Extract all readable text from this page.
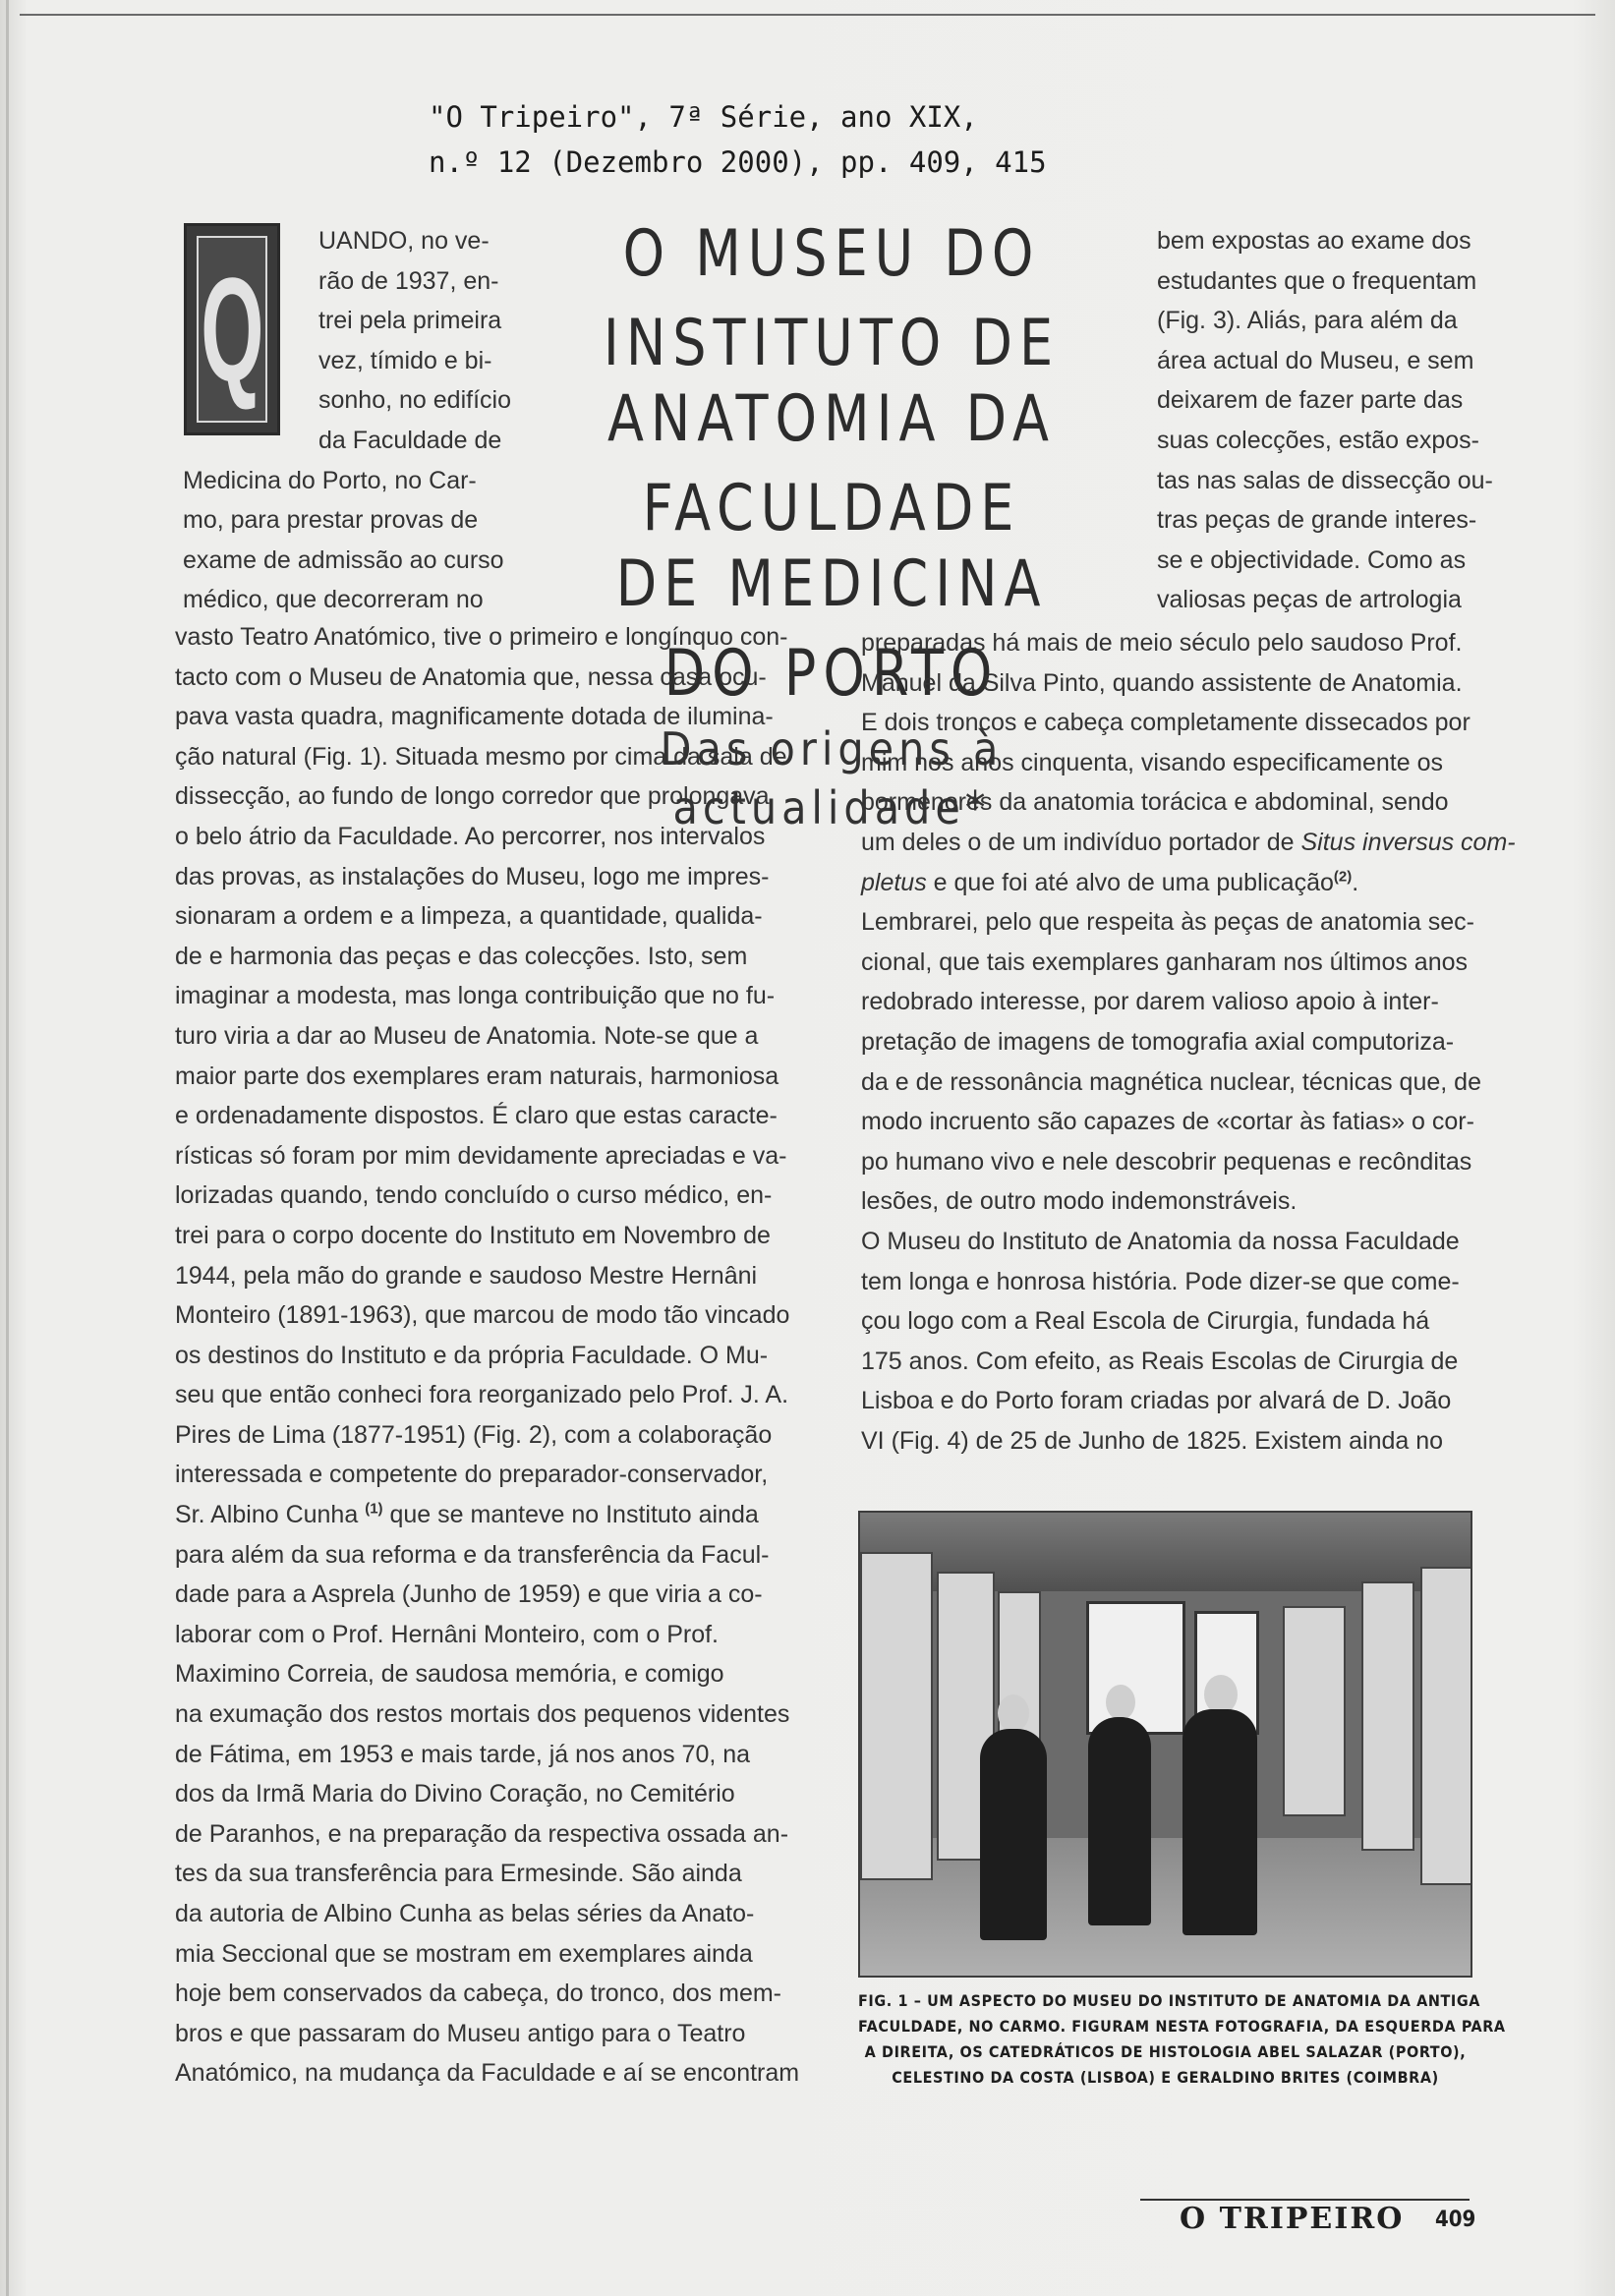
"O Tripeiro", 7ª Série, ano XIX,
n.º 12 (Dezembro 2000), pp. 409, 415
Q
UANDO, no ve-
rão de 1937, en-
trei pela primeira
vez, tímido e bi-
sonho, no edifício
da Faculdade de
Medicina do Porto, no Car-
mo, para prestar provas de
exame de admissão ao curso
médico, que decorreram no
O MUSEU DO INSTITUTO DE
ANATOMIA DA FACULDADE
DE MEDICINA DO PORTO
Das origens à actualidade*
bem expostas ao exame dos
estudantes que o frequentam
(Fig. 3). Aliás, para além da
área actual do Museu, e sem
deixarem de fazer parte das
suas colecções, estão expos-
tas nas salas de dissecção ou-
tras peças de grande interes-
se e objectividade. Como as
valiosas peças de artrologia
vasto Teatro Anatómico, tive o primeiro e longínquo con-
tacto com o Museu de Anatomia que, nessa casa ocu-
pava vasta quadra, magnificamente dotada de ilumina-
ção natural (Fig. 1). Situada mesmo por cima da sala de
dissecção, ao fundo de longo corredor que prolongava
o belo átrio da Faculdade. Ao percorrer, nos intervalos
das provas, as instalações do Museu, logo me impres-
sionaram a ordem e a limpeza, a quantidade, qualida-
de e harmonia das peças e das colecções. Isto, sem
imaginar a modesta, mas longa contribuição que no fu-
turo viria a dar ao Museu de Anatomia. Note-se que a
maior parte dos exemplares eram naturais, harmoniosa
e ordenadamente dispostos. É claro que estas caracte-
rísticas só foram por mim devidamente apreciadas e va-
lorizadas quando, tendo concluído o curso médico, en-
trei para o corpo docente do Instituto em Novembro de
1944, pela mão do grande e saudoso Mestre Hernâni
Monteiro (1891-1963), que marcou de modo tão vincado
os destinos do Instituto e da própria Faculdade. O Mu-
seu que então conheci fora reorganizado pelo Prof. J. A.
Pires de Lima (1877-1951) (Fig. 2), com a colaboração
interessada e competente do preparador-conservador,
Sr. Albino Cunha $^{(1)}$ que se manteve no Instituto ainda
para além da sua reforma e da transferência da Facul-
dade para a Asprela (Junho de 1959) e que viria a co-
laborar com o Prof. Hernâni Monteiro, com o Prof.
Maximino Correia, de saudosa memória, e comigo
na exumação dos restos mortais dos pequenos videntes
de Fátima, em 1953 e mais tarde, já nos anos 70, na
dos da Irmã Maria do Divino Coração, no Cemitério
de Paranhos, e na preparação da respectiva ossada an-
tes da sua transferência para Ermesinde. São ainda
da autoria de Albino Cunha as belas séries da Anato-
mia Seccional que se mostram em exemplares ainda
hoje bem conservados da cabeça, do tronco, dos mem-
bros e que passaram do Museu antigo para o Teatro
Anatómico, na mudança da Faculdade e aí se encontram
preparadas há mais de meio século pelo saudoso Prof.
Manuel da Silva Pinto, quando assistente de Anatomia.
E dois troncos e cabeça completamente dissecados por
mim nos anos cinquenta, visando especificamente os
pormenores da anatomia torácica e abdominal, sendo
um deles o de um indivíduo portador de Situs inversus com-
pletus e que foi até alvo de uma publicação$^{(2)}$.
Lembrarei, pelo que respeita às peças de anatomia sec-
cional, que tais exemplares ganharam nos últimos anos
redobrado interesse, por darem valioso apoio à inter-
pretação de imagens de tomografia axial computoriza-
da e de ressonância magnética nuclear, técnicas que, de
modo incruento são capazes de «cortar às fatias» o cor-
po humano vivo e nele descobrir pequenas e recônditas
lesões, de outro modo indemonstráveis.
O Museu do Instituto de Anatomia da nossa Faculdade
tem longa e honrosa história. Pode dizer-se que come-
çou logo com a Real Escola de Cirurgia, fundada há
175 anos. Com efeito, as Reais Escolas de Cirurgia de
Lisboa e do Porto foram criadas por alvará de D. João
VI (Fig. 4) de 25 de Junho de 1825. Existem ainda no
FIG. 1 – UM ASPECTO DO MUSEU DO INSTITUTO DE ANATOMIA DA ANTIGA
FACULDADE, NO CARMO. FIGURAM NESTA FOTOGRAFIA, DA ESQUERDA PARA
A DIREITA, OS CATEDRÁTICOS DE HISTOLOGIA ABEL SALAZAR (PORTO),
CELESTINO DA COSTA (LISBOA) E GERALDINO BRITES (COIMBRA)
O TRIPEIRO 409
